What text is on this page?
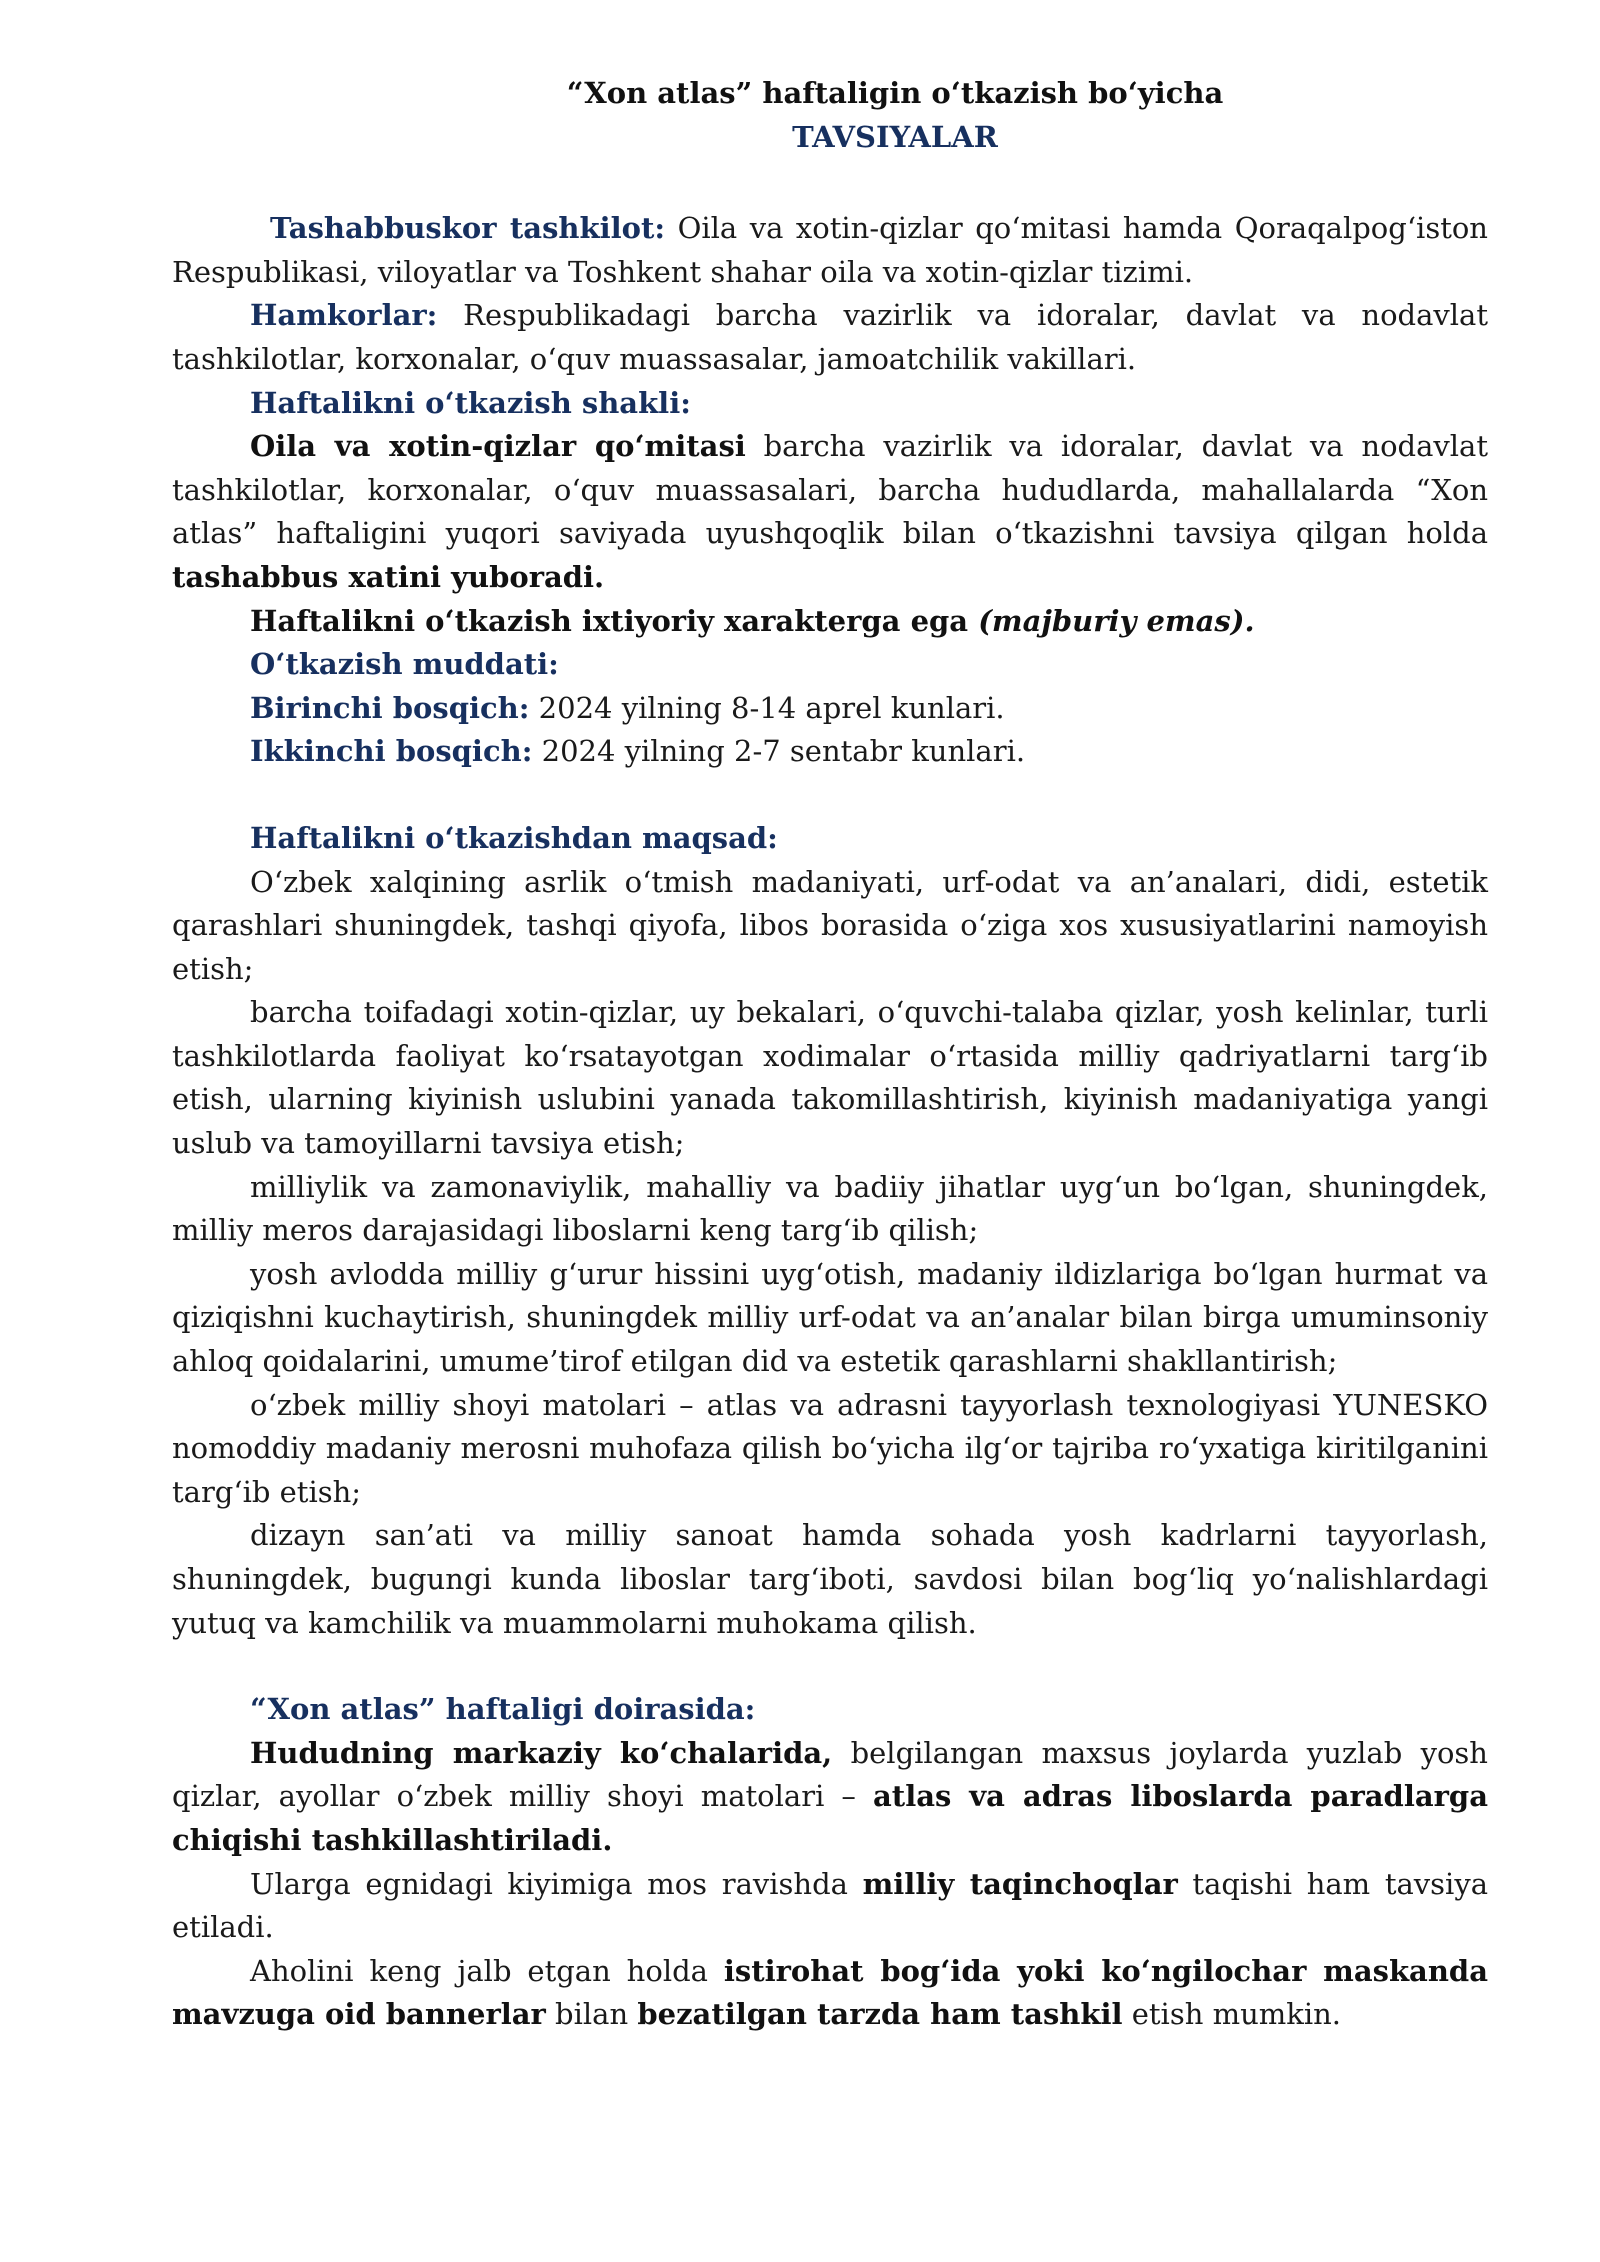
“Xon atlas” haftaligin o‘tkazish bo‘yicha
TAVSIYALAR

Tashabbuskor tashkilot: Oila va xotin-qizlar qo‘mitasi hamda Qoraqalpog‘iston Respublikasi, viloyatlar va Toshkent shahar oila va xotin-qizlar tizimi.

Hamkorlar: Respublikadagi barcha vazirlik va idoralar, davlat va nodavlat tashkilotlar, korxonalar, o‘quv muassasalar, jamoatchilik vakillari.

Haftalikni o‘tkazish shakli:

Oila va xotin-qizlar qo‘mitasi barcha vazirlik va idoralar, davlat va nodavlat tashkilotlar, korxonalar, o‘quv muassasalari, barcha hududlarda, mahallalarda “Xon atlas” haftaligini yuqori saviyada uyushqoqlik bilan o‘tkazishni tavsiya qilgan holda tashabbus xatini yuboradi.

Haftalikni o‘tkazish ixtiyoriy xarakterga ega (majburiy emas).

O‘tkazish muddati:

Birinchi bosqich: 2024 yilning 8-14 aprel kunlari.

Ikkinchi bosqich: 2024 yilning 2-7 sentabr kunlari.

Haftalikni o‘tkazishdan maqsad:

O‘zbek xalqining asrlik o‘tmish madaniyati, urf-odat va an’analari, didi, estetik qarashlari shuningdek, tashqi qiyofa, libos borasida o‘ziga xos xususiyatlarini namoyish etish;

barcha toifadagi xotin-qizlar, uy bekalari, o‘quvchi-talaba qizlar, yosh kelinlar, turli tashkilotlarda faoliyat ko‘rsatayotgan xodimalar o‘rtasida milliy qadriyatlarni targ‘ib etish, ularning kiyinish uslubini yanada takomillashtirish, kiyinish madaniyatiga yangi uslub va tamoyillarni tavsiya etish;

milliylik va zamonaviylik, mahalliy va badiiy jihatlar uyg‘un bo‘lgan, shuningdek, milliy meros darajasidagi liboslarni keng targ‘ib qilish;

yosh avlodda milliy g‘urur hissini uyg‘otish, madaniy ildizlariga bo‘lgan hurmat va qiziqishni kuchaytirish, shuningdek milliy urf-odat va an’analar bilan birga umuminsoniy ahloq qoidalarini, umume’tirof etilgan did va estetik qarashlarni shakllantirish;

o‘zbek milliy shoyi matolari – atlas va adrasni tayyorlash texnologiyasi YUNESKO nomoddiy madaniy merosni muhofaza qilish bo‘yicha ilg‘or tajriba ro‘yxatiga kiritilganini targ‘ib etish;

dizayn san’ati va milliy sanoat hamda sohada yosh kadrlarni tayyorlash, shuningdek, bugungi kunda liboslar targ‘iboti, savdosi bilan bog‘liq yo‘nalishlardagi yutuq va kamchilik va muammolarni muhokama qilish.

“Xon atlas” haftaligi doirasida:

Hududning markaziy ko‘chalarida, belgilangan maxsus joylarda yuzlab yosh qizlar, ayollar o‘zbek milliy shoyi matolari – atlas va adras liboslarda paradlarga chiqishi tashkillashtiriladi.

Ularga egnidagi kiyimiga mos ravishda milliy taqinchoqlar taqishi ham tavsiya etiladi.

Aholini keng jalb etgan holda istirohat bog‘ida yoki ko‘ngilochar maskanda mavzuga oid bannerlar bilan bezatilgan tarzda ham tashkil etish mumkin.
